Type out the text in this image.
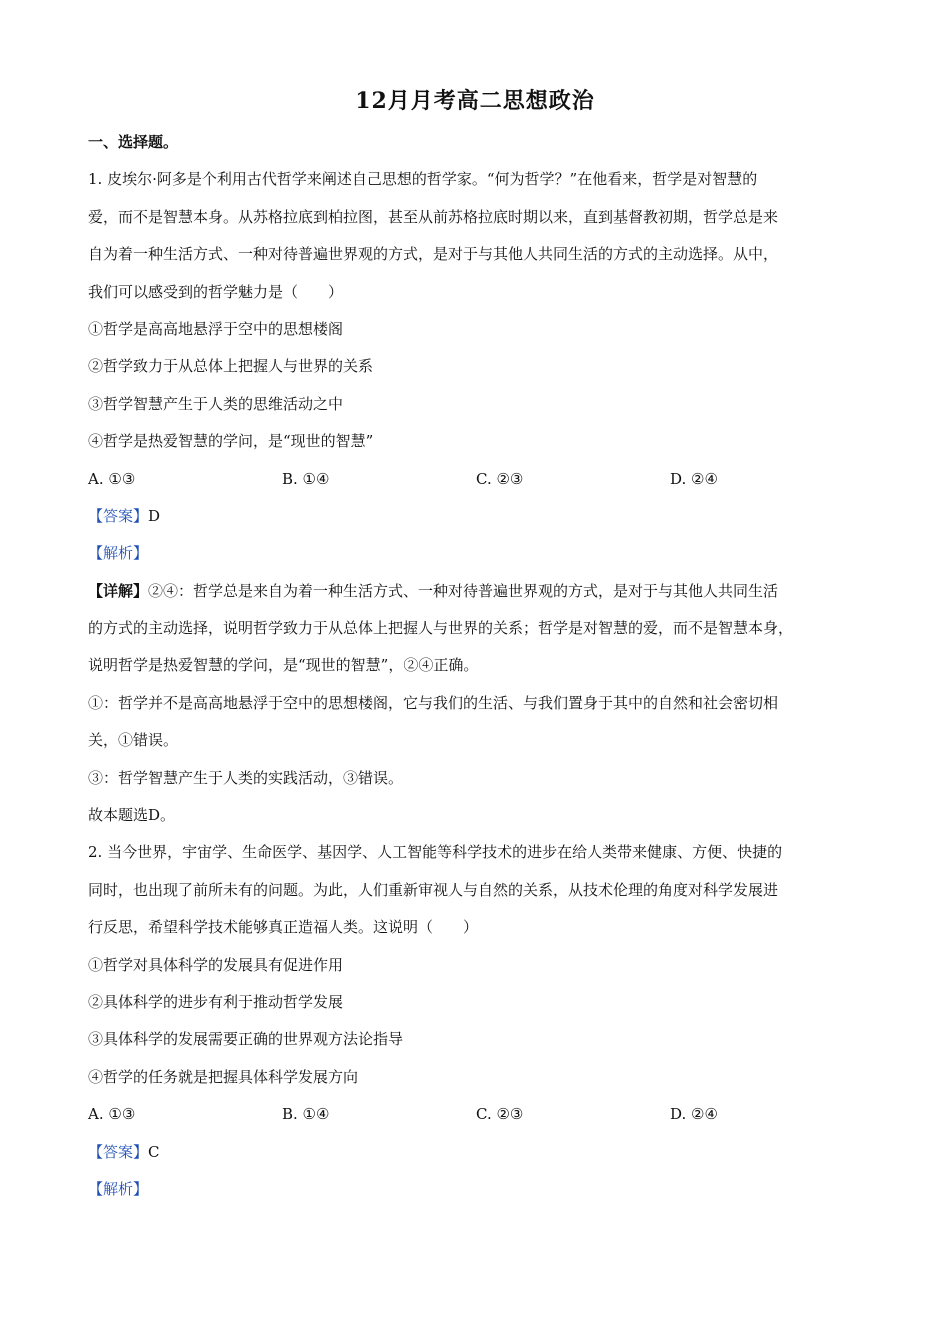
12月月考高二思想政治
一、选择题。
1. 皮埃尔·阿多是个利用古代哲学来阐述自己思想的哲学家。“何为哲学？”在他看来，哲学是对智慧的
爱，而不是智慧本身。从苏格拉底到柏拉图，甚至从前苏格拉底时期以来，直到基督教初期，哲学总是来
自为着一种生活方式、一种对待普遍世界观的方式，是对于与其他人共同生活的方式的主动选择。从中，
我们可以感受到的哲学魅力是（　　）
①哲学是高高地悬浮于空中的思想楼阁
②哲学致力于从总体上把握人与世界的关系
③哲学智慧产生于人类的思维活动之中
④哲学是热爱智慧的学问，是“现世的智慧”
A. ①③	B. ①④	C. ②③	D. ②④
【答案】D
【解析】
【详解】②④：哲学总是来自为着一种生活方式、一种对待普遍世界观的方式，是对于与其他人共同生活
的方式的主动选择，说明哲学致力于从总体上把握人与世界的关系；哲学是对智慧的爱，而不是智慧本身，
说明哲学是热爱智慧的学问，是“现世的智慧”，②④正确。
①：哲学并不是高高地悬浮于空中的思想楼阁，它与我们的生活、与我们置身于其中的自然和社会密切相
关，①错误。
③：哲学智慧产生于人类的实践活动，③错误。
故本题选D。
2. 当今世界，宇宙学、生命医学、基因学、人工智能等科学技术的进步在给人类带来健康、方便、快捷的
同时，也出现了前所未有的问题。为此，人们重新审视人与自然的关系，从技术伦理的角度对科学发展进
行反思，希望科学技术能够真正造福人类。这说明（　　）
①哲学对具体科学的发展具有促进作用
②具体科学的进步有利于推动哲学发展
③具体科学的发展需要正确的世界观方法论指导
④哲学的任务就是把握具体科学发展方向
A. ①③	B. ①④	C. ②③	D. ②④
【答案】C
【解析】
